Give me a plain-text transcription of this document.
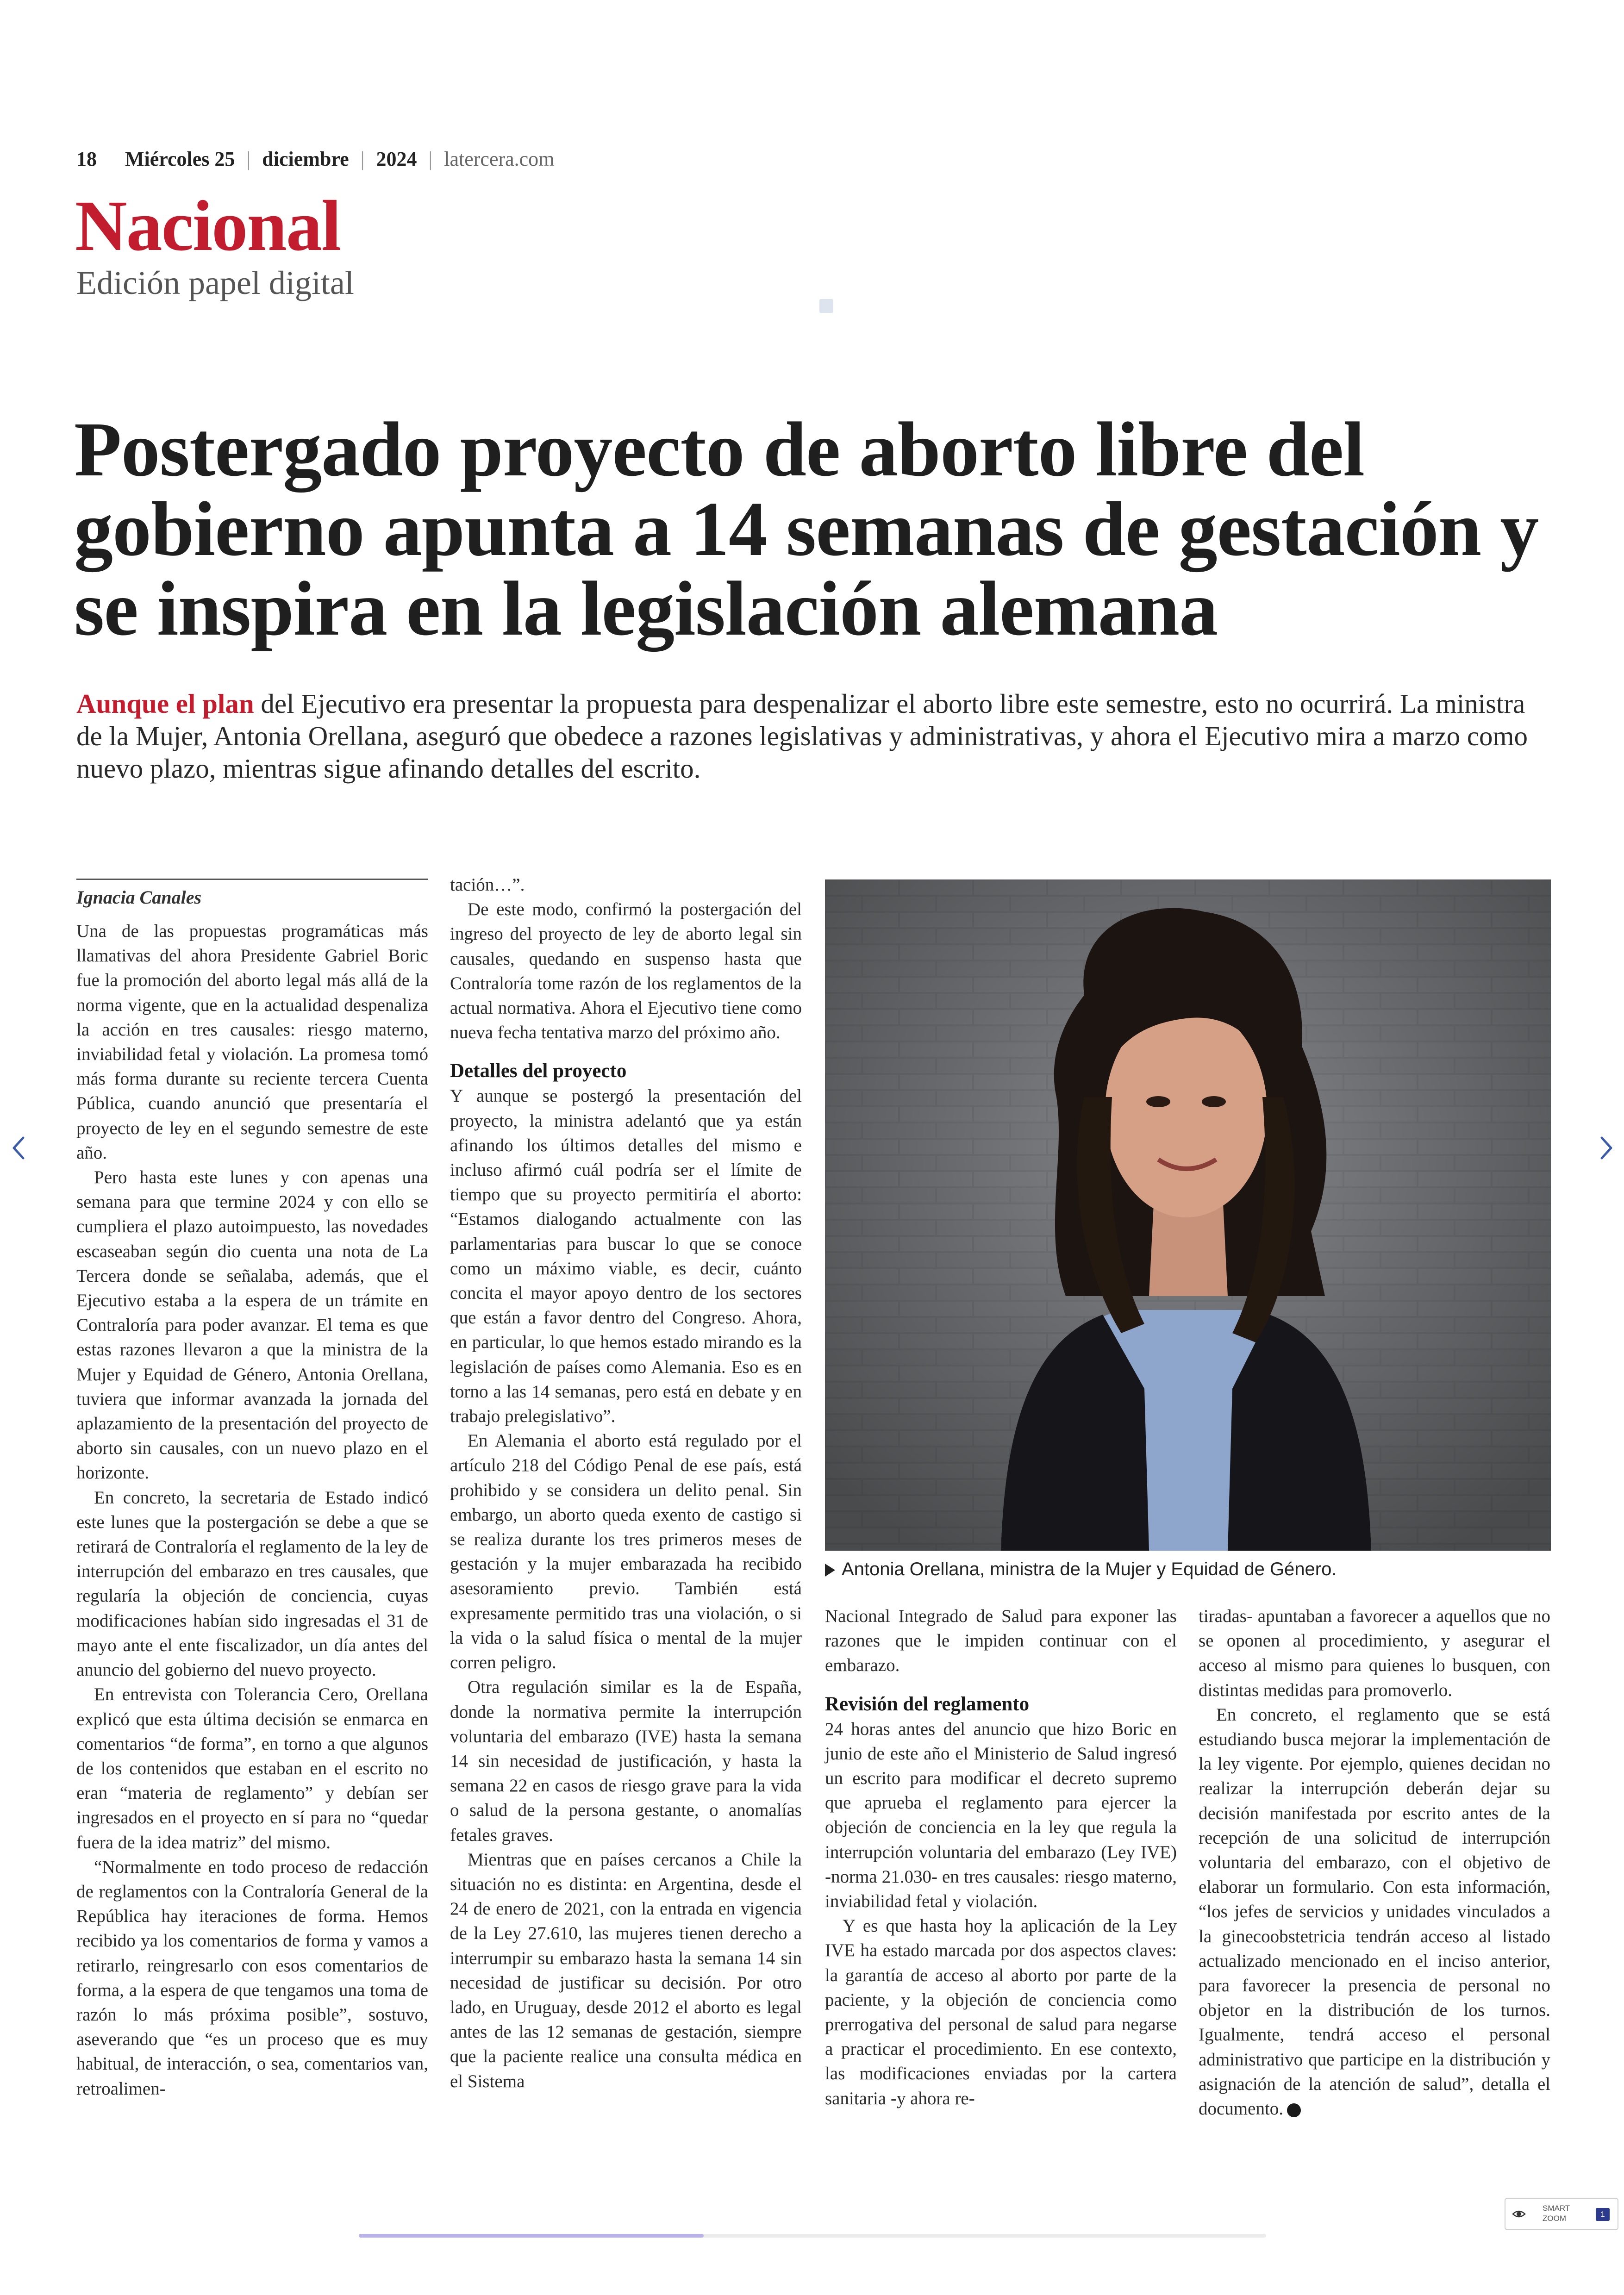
18 Miércoles 25 | diciembre | 2024 | latercera.com
Nacional
Edición papel digital
Postergado proyecto de aborto libre del gobierno apunta a 14 semanas de gestación y se inspira en la legislación alemana
Aunque el plan del Ejecutivo era presentar la propuesta para despenalizar el aborto libre este semestre, esto no ocurrirá. La ministra de la Mujer, Antonia Orellana, aseguró que obedece a razones legislativas y administrativas, y ahora el Ejecutivo mira a marzo como nuevo plazo, mientras sigue afinando detalles del escrito.
Ignacia Canales

Una de las propuestas programáticas más llamativas del ahora Presidente Gabriel Boric fue la promoción del aborto legal más allá de la norma vigente, que en la actualidad despenaliza la acción en tres causales: riesgo materno, inviabilidad fetal y violación. La promesa tomó más forma durante su reciente tercera Cuenta Pública, cuando anunció que presentaría el proyecto de ley en el segundo semestre de este año.

Pero hasta este lunes y con apenas una semana para que termine 2024 y con ello se cumpliera el plazo autoimpuesto, las novedades escaseaban según dio cuenta una nota de La Tercera donde se señalaba, además, que el Ejecutivo estaba a la espera de un trámite en Contraloría para poder avanzar. El tema es que estas razones llevaron a que la ministra de la Mujer y Equidad de Género, Antonia Orellana, tuviera que informar avanzada la jornada del aplazamiento de la presentación del proyecto de aborto sin causales, con un nuevo plazo en el horizonte.

En concreto, la secretaria de Estado indicó este lunes que la postergación se debe a que se retirará de Contraloría el reglamento de la ley de interrupción del embarazo en tres causales, que regularía la objeción de conciencia, cuyas modificaciones habían sido ingresadas el 31 de mayo ante el ente fiscalizador, un día antes del anuncio del gobierno del nuevo proyecto.

En entrevista con Tolerancia Cero, Orellana explicó que esta última decisión se enmarca en comentarios “de forma”, en torno a que algunos de los contenidos que estaban en el escrito no eran “materia de reglamento” y debían ser ingresados en el proyecto en sí para no “quedar fuera de la idea matriz” del mismo.

“Normalmente en todo proceso de redacción de reglamentos con la Contraloría General de la República hay iteraciones de forma. Hemos recibido ya los comentarios de forma y vamos a retirarlo, reingresarlo con esos comentarios de forma, a la espera de que tengamos una toma de razón lo más próxima posible”, sostuvo, aseverando que “es un proceso que es muy habitual, de interacción, o sea, comentarios van, retroalimen-

tación…”.

De este modo, confirmó la postergación del ingreso del proyecto de ley de aborto legal sin causales, quedando en suspenso hasta que Contraloría tome razón de los reglamentos de la actual normativa. Ahora el Ejecutivo tiene como nueva fecha tentativa marzo del próximo año.

Detalles del proyecto

Y aunque se postergó la presentación del proyecto, la ministra adelantó que ya están afinando los últimos detalles del mismo e incluso afirmó cuál podría ser el límite de tiempo que su proyecto permitiría el aborto: “Estamos dialogando actualmente con las parlamentarias para buscar lo que se conoce como un máximo viable, es decir, cuánto concita el mayor apoyo dentro de los sectores que están a favor dentro del Congreso. Ahora, en particular, lo que hemos estado mirando es la legislación de países como Alemania. Eso es en torno a las 14 semanas, pero está en debate y en trabajo prelegislativo”.

En Alemania el aborto está regulado por el artículo 218 del Código Penal de ese país, está prohibido y se considera un delito penal. Sin embargo, un aborto queda exento de castigo si se realiza durante los tres primeros meses de gestación y la mujer embarazada ha recibido asesoramiento previo. También está expresamente permitido tras una violación, o si la vida o la salud física o mental de la mujer corren peligro.

Otra regulación similar es la de España, donde la normativa permite la interrupción voluntaria del embarazo (IVE) hasta la semana 14 sin necesidad de justificación, y hasta la semana 22 en casos de riesgo grave para la vida o salud de la persona gestante, o anomalías fetales graves.

Mientras que en países cercanos a Chile la situación no es distinta: en Argentina, desde el 24 de enero de 2021, con la entrada en vigencia de la Ley 27.610, las mujeres tienen derecho a interrumpir su embarazo hasta la semana 14 sin necesidad de justificar su decisión. Por otro lado, en Uruguay, desde 2012 el aborto es legal antes de las 12 semanas de gestación, siempre que la paciente realice una consulta médica en el Sistema

Antonia Orellana, ministra de la Mujer y Equidad de Género.

Nacional Integrado de Salud para exponer las razones que le impiden continuar con el embarazo.

Revisión del reglamento

24 horas antes del anuncio que hizo Boric en junio de este año el Ministerio de Salud ingresó un escrito para modificar el decreto supremo que aprueba el reglamento para ejercer la objeción de conciencia en la ley que regula la interrupción voluntaria del embarazo (Ley IVE) -norma 21.030- en tres causales: riesgo materno, inviabilidad fetal y violación.

Y es que hasta hoy la aplicación de la Ley IVE ha estado marcada por dos aspectos claves: la garantía de acceso al aborto por parte de la paciente, y la objeción de conciencia como prerrogativa del personal de salud para negarse a practicar el procedimiento. En ese contexto, las modificaciones enviadas por la cartera sanitaria -y ahora re-

tiradas- apuntaban a favorecer a aquellos que no se oponen al procedimiento, y asegurar el acceso al mismo para quienes lo busquen, con distintas medidas para promoverlo.

En concreto, el reglamento que se está estudiando busca mejorar la implementación de la ley vigente. Por ejemplo, quienes decidan no realizar la interrupción deberán dejar su decisión manifestada por escrito antes de la recepción de una solicitud de interrupción voluntaria del embarazo, con el objetivo de elaborar un formulario. Con esta información, “los jefes de servicios y unidades vinculados a la ginecoobstetricia tendrán acceso al listado actualizado mencionado en el inciso anterior, para favorecer la presencia de personal no objetor en la distribución de los turnos. Igualmente, tendrá acceso el personal administrativo que participe en la distribución y asignación de la atención de salud”, detalla el documento.

SMART
ZOOM	1
